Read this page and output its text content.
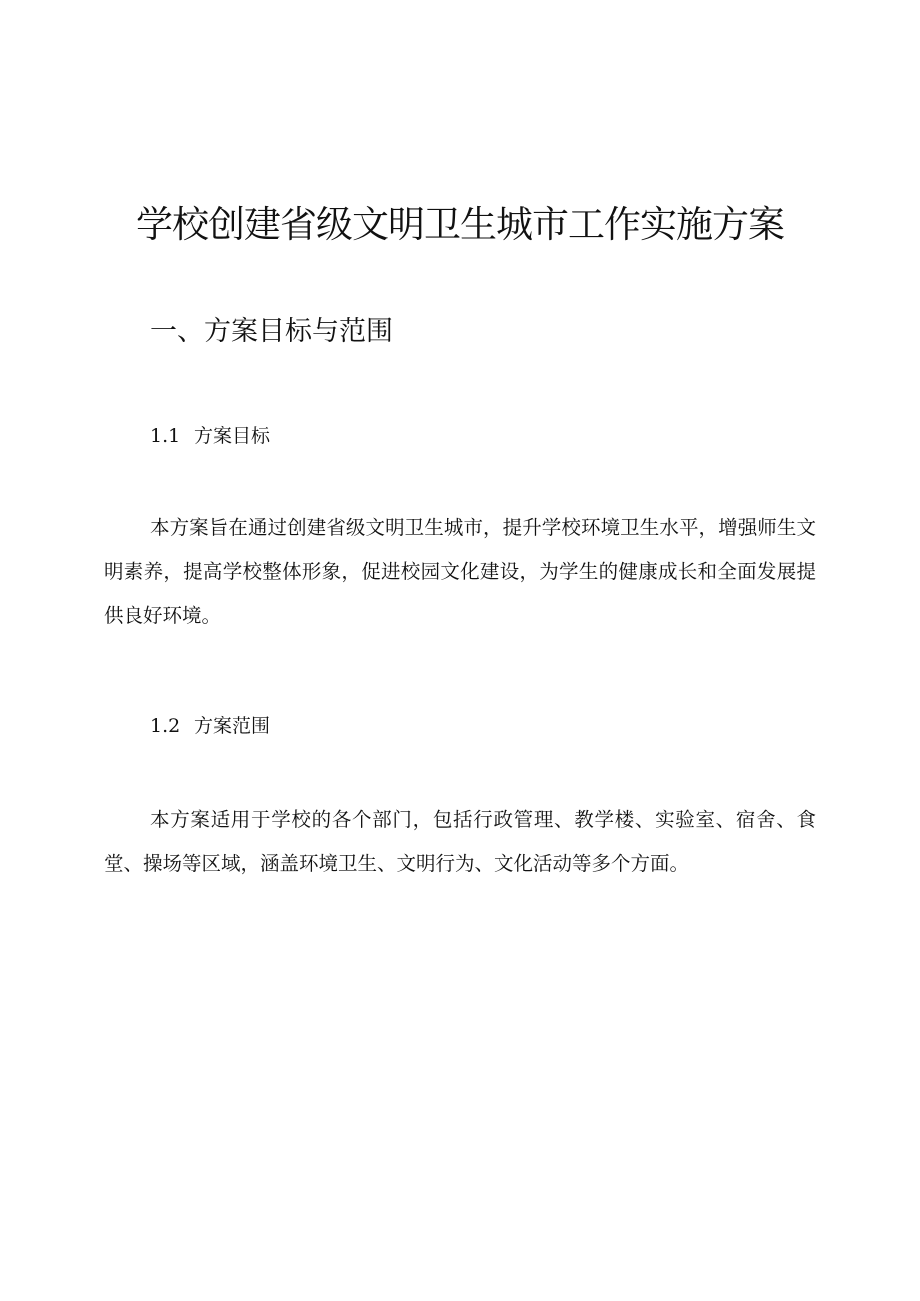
学校创建省级文明卫生城市工作实施方案
一、方案目标与范围
1.1 方案目标

本方案旨在通过创建省级文明卫生城市，提升学校环境卫生水平，增强师生文明素养，提高学校整体形象，促进校园文化建设，为学生的健康成长和全面发展提供良好环境。

1.2 方案范围

本方案适用于学校的各个部门，包括行政管理、教学楼、实验室、宿舍、食堂、操场等区域，涵盖环境卫生、文明行为、文化活动等多个方面。
